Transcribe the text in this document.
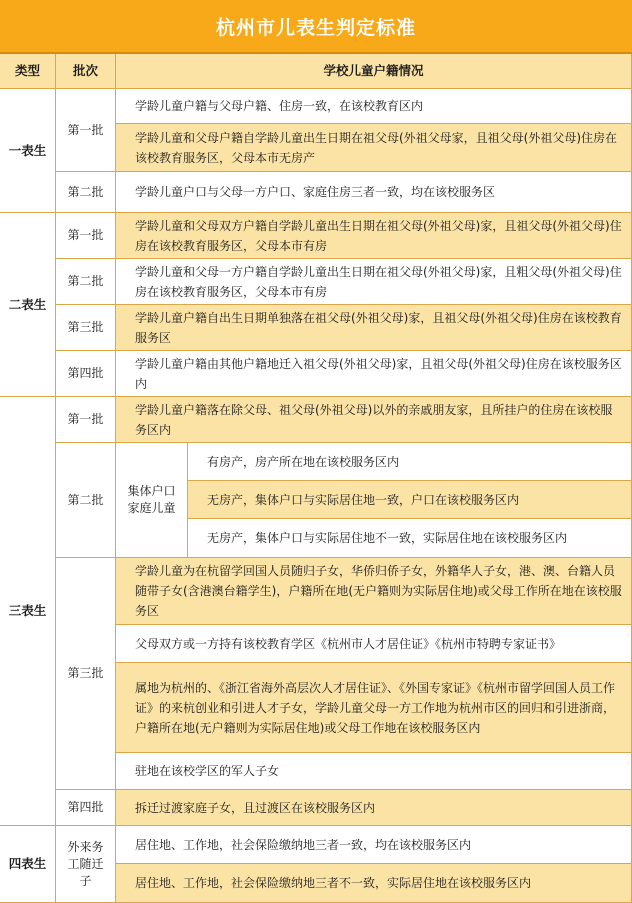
杭州市儿表生判定标准
类型	批次	学校儿童户籍情况
一表生
二表生
三表生
四表生
第一批
第二批
第一批
第二批
第三批
第四批
第一批
第二批
第三批
第四批
外来务工随迁子
学龄儿童户籍与父母户籍、住房一致，在该校教育区内
学龄儿童和父母户籍自学龄儿童出生日期在祖父母(外祖父母家，且祖父母(外祖父母)住房在该校教育服务区，父母本市无房产
学龄儿童户口与父母一方户口、家庭住房三者一致，均在该校服务区
学龄儿童和父母双方户籍自学龄儿童出生日期在祖父母(外祖父母)家，且祖父母(外祖父母)住房在该校教育服务区，父母本市有房
学龄儿童和父母一方户籍自学龄儿童出生日期在祖父母(外祖父母)家，且粗父母(外祖父母)住房在该校教育服务区，父母本市有房
学龄儿童户籍自出生日期单独落在祖父母(外祖父母)家，且祖父母(外祖父母)住房在该校教育服务区
学龄儿童户籍由其他户籍地迁入祖父母(外祖父母)家，且祖父母(外祖父母)住房在该校服务区内
学龄儿童户籍落在除父母、祖父母(外祖父母)以外的亲戚朋友家，且所挂户的住房在该校服务区内
集体户口家庭儿童
有房产，房产所在地在该校服务区内
无房产，集体户口与实际居住地一致，户口在该校服务区内
无房产，集体户口与实际居住地不一致，实际居住地在该校服务区内
学龄儿童为在杭留学回国人员随归子女，华侨归侨子女，外籍华人子女，港、澳、台籍人员随带子女(含港澳台籍学生)，户籍所在地(无户籍则为实际居住地)或父母工作所在地在该校服务区
父母双方或一方持有该校教育学区《杭州市人才居住证》《杭州市特聘专家证书》
属地为杭州的、《浙江省海外高层次人才居住证》、《外国专家证》《杭州市留学回国人员工作证》的来杭创业和引进人才子女，学龄儿童父母一方工作地为杭州市区的回归和引进浙商，户籍所在地(无户籍则为实际居住地)或父母工作地在该校服务区内
驻地在该校学区的军人子女
拆迁过渡家庭子女，且过渡区在该校服务区内
居住地、工作地，社会保险缴纳地三者一致，均在该校服务区内
居住地、工作地，社会保险缴纳地三者不一致，实际居住地在该校服务区内
